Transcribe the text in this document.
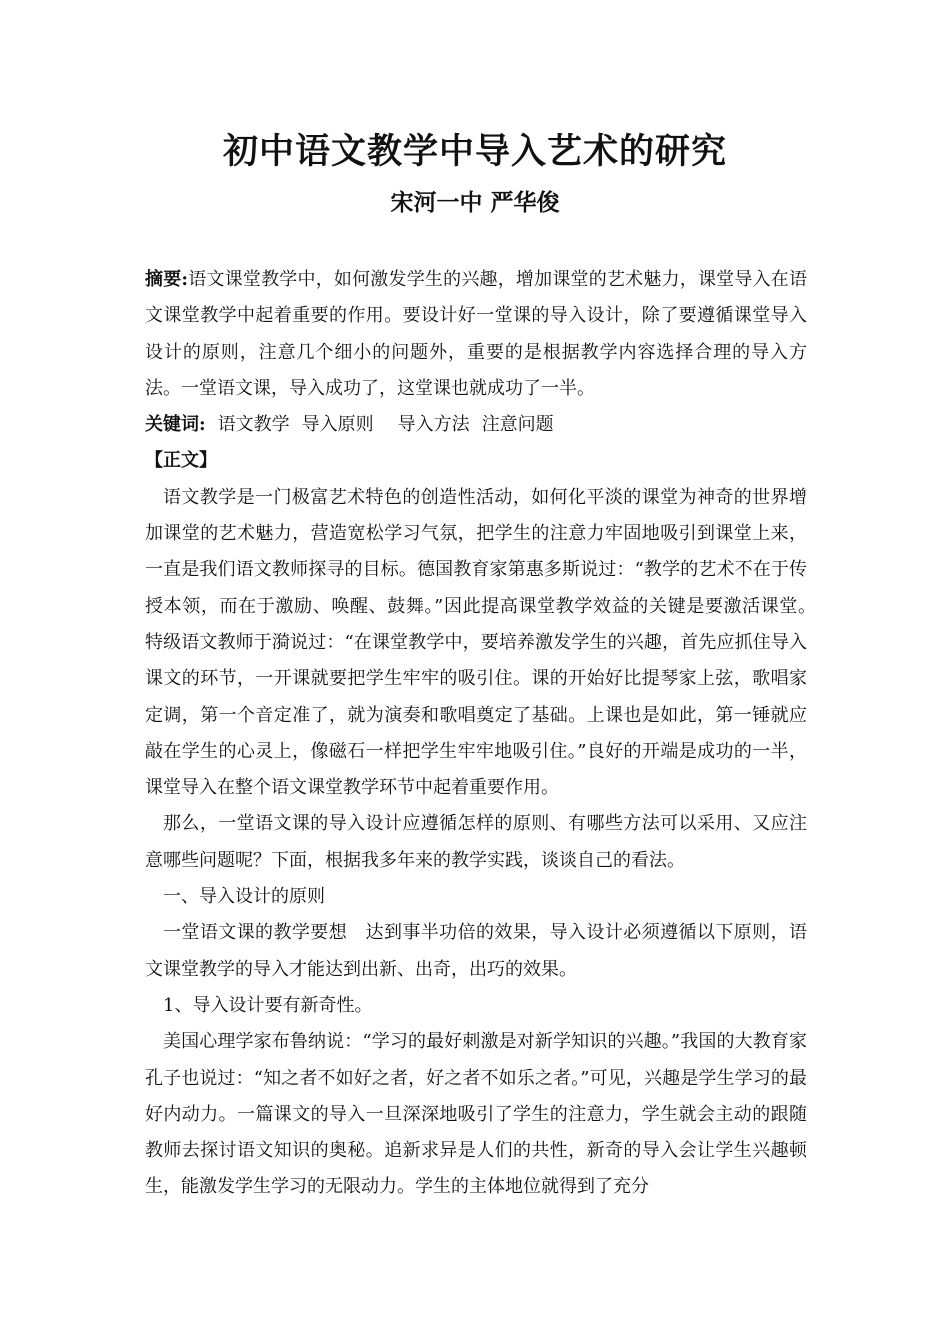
初中语文教学中导入艺术的研究
宋河一中 严华俊

摘要:语文课堂教学中，如何激发学生的兴趣，增加课堂的艺术魅力，课堂导入在语文课堂教学中起着重要的作用。要设计好一堂课的导入设计，除了要遵循课堂导入设计的原则，注意几个细小的问题外，重要的是根据教学内容选择合理的导入方法。一堂语文课，导入成功了，这堂课也就成功了一半。

关键词: 语文教学 导入原则 导入方法 注意问题

【正文】

语文教学是一门极富艺术特色的创造性活动，如何化平淡的课堂为神奇的世界增加课堂的艺术魅力，营造宽松学习气氛，把学生的注意力牢固地吸引到课堂上来，一直是我们语文教师探寻的目标。德国教育家第惠多斯说过：“教学的艺术不在于传授本领，而在于激励、唤醒、鼓舞。”因此提高课堂教学效益的关键是要激活课堂。　特级语文教师于漪说过：“在课堂教学中，要培养激发学生的兴趣，首先应抓住导入课文的环节，一开课就要把学生牢牢的吸引住。课的开始好比提琴家上弦，歌唱家定调，第一个音定准了，就为演奏和歌唱奠定了基础。上课也是如此，第一锤就应敲在学生的心灵上，像磁石一样把学生牢牢地吸引住。”良好的开端是成功的一半，课堂导入在整个语文课堂教学环节中起着重要作用。

那么，一堂语文课的导入设计应遵循怎样的原则、有哪些方法可以采用、又应注意哪些问题呢？下面，根据我多年来的教学实践，谈谈自己的看法。

一、导入设计的原则

一堂语文课的教学要想　达到事半功倍的效果，导入设计必须遵循以下原则，语文课堂教学的导入才能达到出新、出奇，出巧的效果。

1、导入设计要有新奇性。

美国心理学家布鲁纳说：“学习的最好刺激是对新学知识的兴趣。”我国的大教育家孔子也说过：“知之者不如好之者，好之者不如乐之者。”可见，兴趣是学生学习的最好内动力。一篇课文的导入一旦深深地吸引了学生的注意力，学生就会主动的跟随教师去探讨语文知识的奥秘。追新求异是人们的共性，新奇的导入会让学生兴趣顿生，能激发学生学习的无限动力。学生的主体地位就得到了充分
